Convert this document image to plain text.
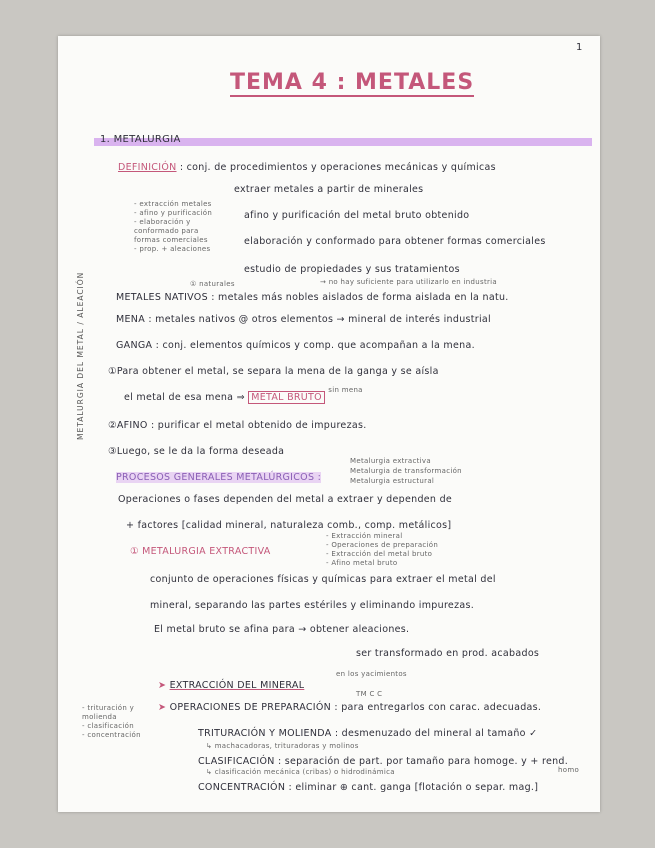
1
TEMA 4 : METALES
1. METALURGIA
DEFINICIÓN : conj. de procedimientos y operaciones mecánicas y químicas
- extracción metales
- afino y purificación
- elaboración y
conformado para
formas comerciales
- prop. + aleaciones
extraer metales a partir de minerales
afino y purificación del metal bruto obtenido
elaboración y conformado para obtener formas comerciales
estudio de propiedades y sus tratamientos
① naturales	→ no hay suficiente para utilizarlo en industria
METALURGIA DEL METAL / ALEACIÓN	METALES NATIVOS : metales más nobles aislados de forma aislada en la natu.
MENA : metales nativos @ otros elementos → mineral de interés industrial
GANGA : conj. elementos químicos y comp. que acompañan a la mena.
①Para obtener el metal, se separa la mena de la ganga y se aísla
el metal de esa mena ⇒ METAL BRUTO $^{sin mena}$
②AFINO : purificar el metal obtenido de impurezas.
③Luego, se le da la forma deseada
PROCESOS GENERALES METALÚRGICOS :
Metalurgia extractiva
Metalurgia de transformación
Metalurgia estructural
Operaciones o fases dependen del metal a extraer y dependen de
+ factores [calidad mineral, naturaleza comb., comp. metálicos]
① METALURGIA EXTRACTIVA
- Extracción mineral
- Operaciones de preparación
- Extracción del metal bruto
- Afino metal bruto
conjunto de operaciones físicas y químicas para extraer el metal del
mineral, separando las partes estériles y eliminando impurezas.
El metal bruto se afina para → obtener aleaciones.
ser transformado en prod. acabados
➤ EXTRACCIÓN DEL MINERAL
en los yacimientos
TM C C
➤ OPERACIONES DE PREPARACIÓN : para entregarlos con carac. adecuadas.
- trituración y
molienda
- clasificación
- concentración	TRITURACIÓN Y MOLIENDA : desmenuzado del mineral al tamaño ✓
↳ machacadoras, trituradoras y molinos
CLASIFICACIÓN : separación de part. por tamaño para homoge. y + rend.
↳ clasificación mecánica (cribas) o hidrodinámica	homo
CONCENTRACIÓN : eliminar ⊕ cant. ganga [flotación o separ. mag.]
